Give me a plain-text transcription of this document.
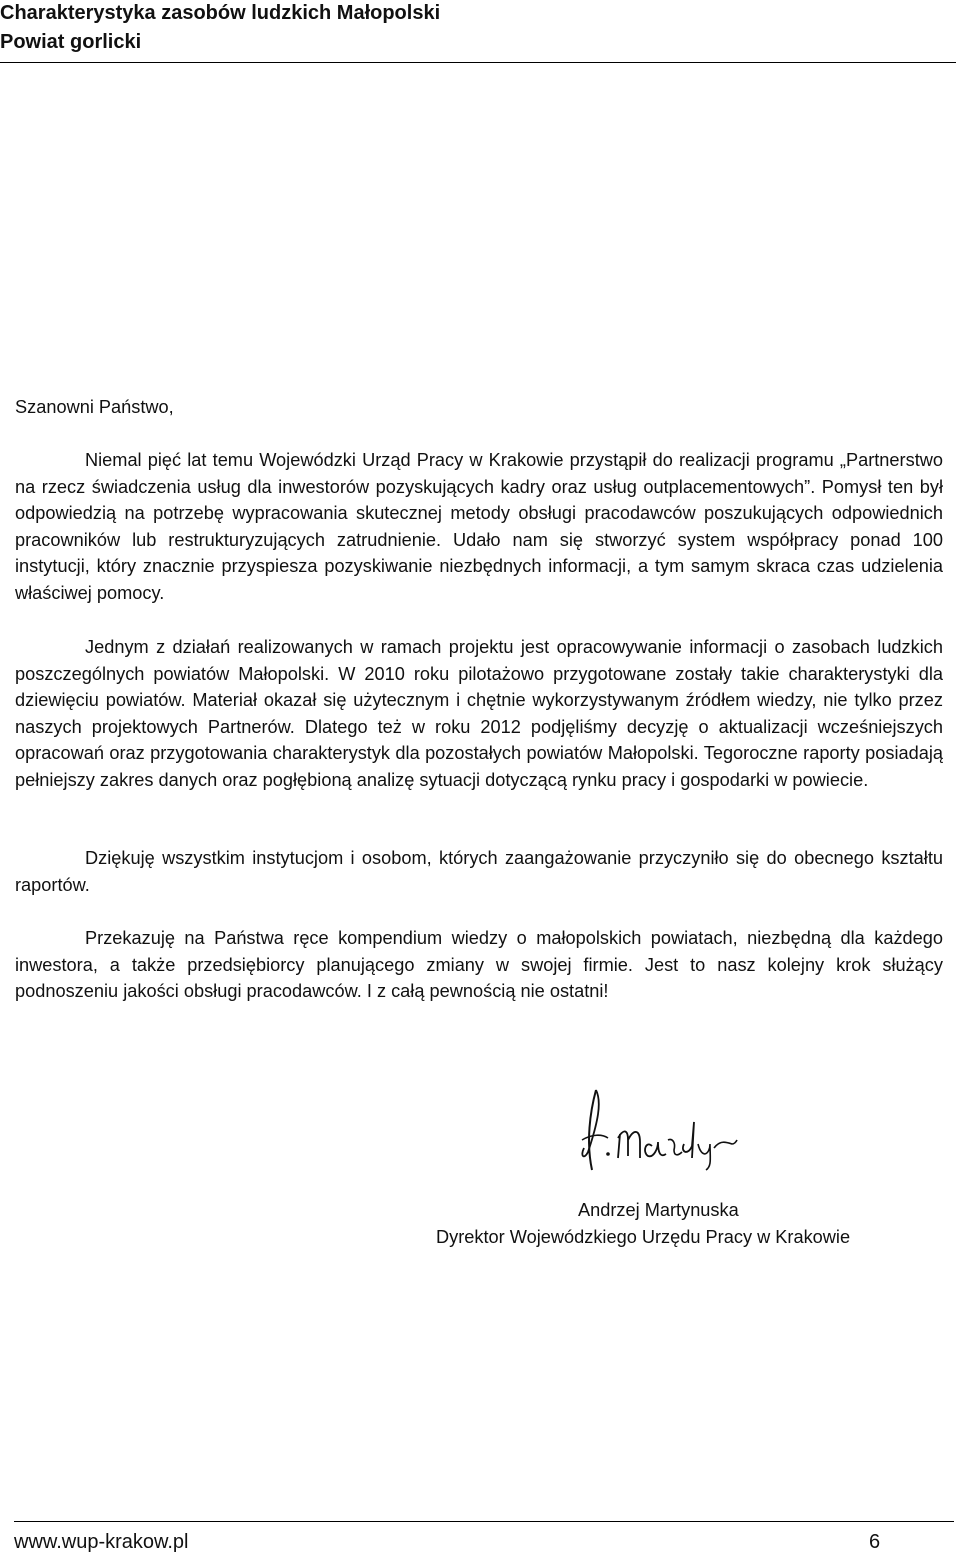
Charakterystyka zasobów ludzkich Małopolski
Powiat gorlicki
Szanowni Państwo,

Niemal pięć lat temu Wojewódzki Urząd Pracy w Krakowie przystąpił do realizacji programu „Partnerstwo na rzecz świadczenia usług dla inwestorów pozyskujących kadry oraz usług outplacementowych”. Pomysł ten był odpowiedzią na potrzebę wypracowania skutecznej metody obsługi pracodawców poszukujących odpowiednich pracowników lub restrukturyzujących zatrudnienie. Udało nam się stworzyć system współpracy ponad 100 instytucji, który znacznie przyspiesza pozyskiwanie niezbędnych informacji, a tym samym skraca czas udzielenia właściwej pomocy.

Jednym z działań realizowanych w ramach projektu jest opracowywanie informacji o zasobach ludzkich poszczególnych powiatów Małopolski. W 2010 roku pilotażowo przygotowane zostały takie charakterystyki dla dziewięciu powiatów. Materiał okazał się użytecznym i chętnie wykorzystywanym źródłem wiedzy, nie tylko przez naszych projektowych Partnerów. Dlatego też w roku 2012 podjęliśmy decyzję o aktualizacji wcześniejszych opracowań oraz przygotowania charakterystyk dla pozostałych powiatów Małopolski. Tegoroczne raporty posiadają pełniejszy zakres danych oraz pogłębioną analizę sytuacji dotyczącą rynku pracy i gospodarki w powiecie.

Dziękuję wszystkim instytucjom i osobom, których zaangażowanie przyczyniło się do obecnego kształtu raportów.

Przekazuję na Państwa ręce kompendium wiedzy o małopolskich powiatach, niezbędną dla każdego inwestora, a także przedsiębiorcy planującego zmiany w swojej firmie. Jest to nasz kolejny krok służący podnoszeniu jakości obsługi pracodawców. I z całą pewnością nie ostatni!

Andrzej Martynuska
Dyrektor Wojewódzkiego Urzędu Pracy w Krakowie
www.wup-krakow.pl	6
